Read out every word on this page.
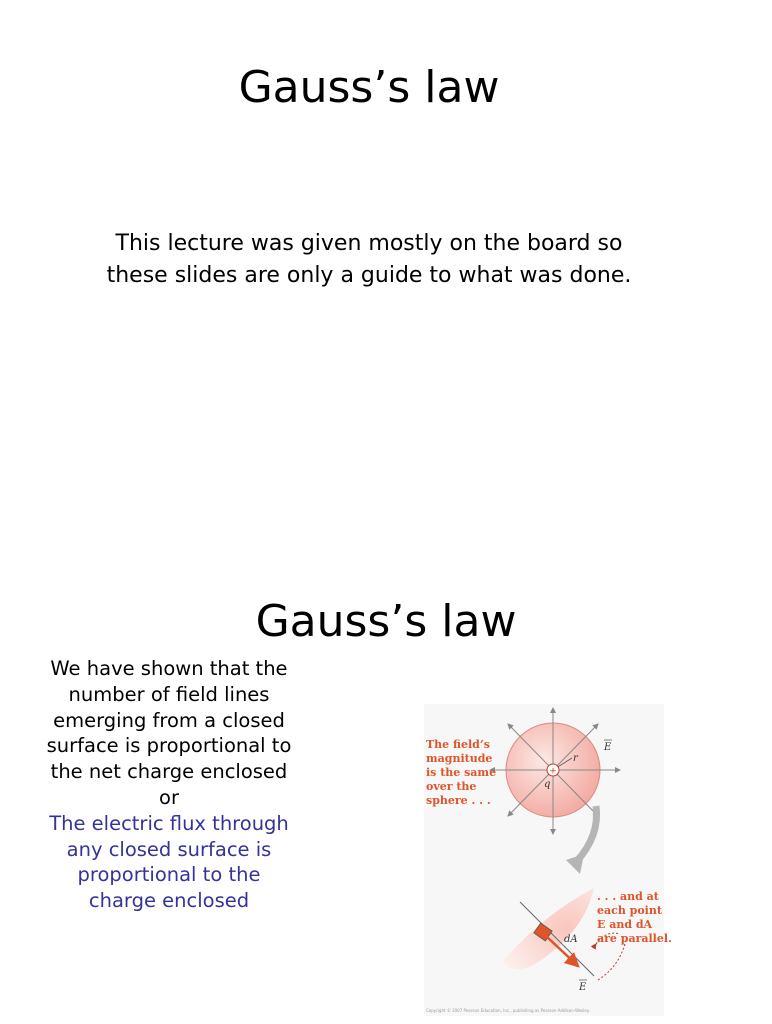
Gauss’s law
This lecture was given mostly on the board so
these slides are only a guide to what was done.
Gauss’s law
We have shown that the
number of field lines
emerging from a closed
surface is proportional to
the net charge enclosed
or
The electric flux through
any closed surface is
proportional to the
charge enclosed
+
q
r
E
The field’s magnitude is the same over the sphere . . .
dA
E
. . . and at each point E and dA are parallel.
Copyright © 2007 Pearson Education, Inc., publishing as Pearson Addison-Wesley.
